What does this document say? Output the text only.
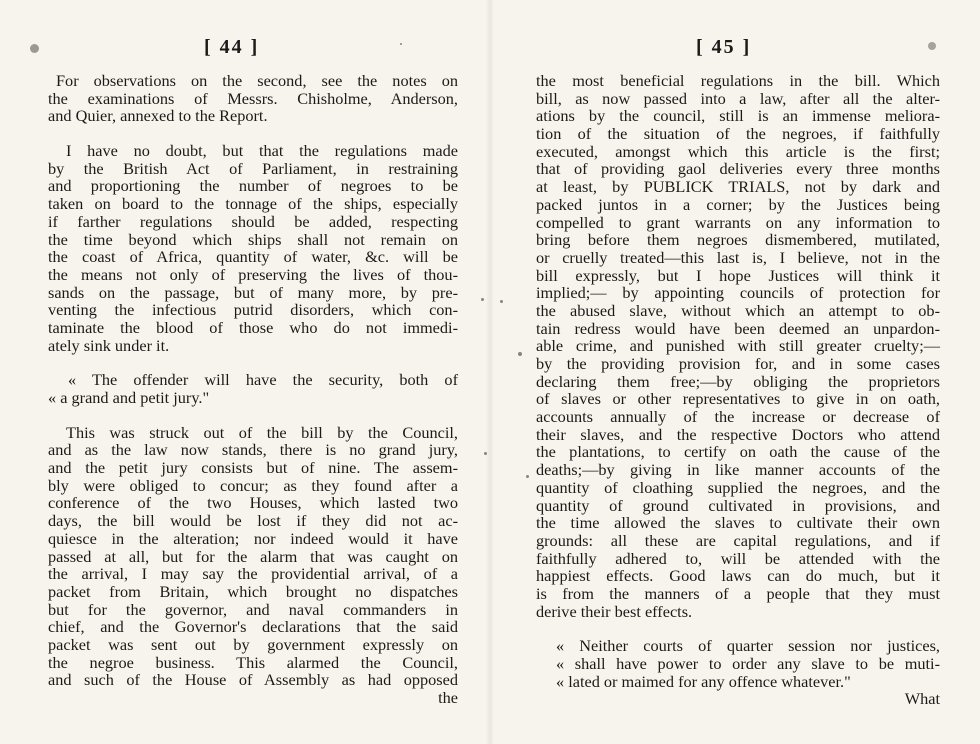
[ 44 ]
For observations on the second, see the notes on
the examinations of Messrs. Chisholme, Anderson,
and Quier, annexed to the Report.
I have no doubt, but that the regulations made
by the British Act of Parliament, in restraining
and proportioning the number of negroes to be
taken on board to the tonnage of the ships, especially
if farther regulations should be added, respecting
the time beyond which ships shall not remain on
the coast of Africa, quantity of water, &c. will be
the means not only of preserving the lives of thou-
sands on the passage, but of many more, by pre-
venting the infectious putrid disorders, which con-
taminate the blood of those who do not immedi-
ately sink under it.
« The offender will have the security, both of
« a grand and petit jury."
This was struck out of the bill by the Council,
and as the law now stands, there is no grand jury,
and the petit jury consists but of nine. The assem-
bly were obliged to concur; as they found after a
conference of the two Houses, which lasted two
days, the bill would be lost if they did not ac-
quiesce in the alteration; nor indeed would it have
passed at all, but for the alarm that was caught on
the arrival, I may say the providential arrival, of a
packet from Britain, which brought no dispatches
but for the governor, and naval commanders in
chief, and the Governor's declarations that the said
packet was sent out by government expressly on
the negroe business. This alarmed the Council,
and such of the House of Assembly as had opposed
the
[ 45 ]
the most beneficial regulations in the bill. Which
bill, as now passed into a law, after all the alter-
ations by the council, still is an immense meliora-
tion of the situation of the negroes, if faithfully
executed, amongst which this article is the first;
that of providing gaol deliveries every three months
at least, by PUBLICK TRIALS, not by dark and
packed juntos in a corner; by the Justices being
compelled to grant warrants on any information to
bring before them negroes dismembered, mutilated,
or cruelly treated—this last is, I believe, not in the
bill expressly, but I hope Justices will think it
implied;— by appointing councils of protection for
the abused slave, without which an attempt to ob-
tain redress would have been deemed an unpardon-
able crime, and punished with still greater cruelty;—
by the providing provision for, and in some cases
declaring them free;—by obliging the proprietors
of slaves or other representatives to give in on oath,
accounts annually of the increase or decrease of
their slaves, and the respective Doctors who attend
the plantations, to certify on oath the cause of the
deaths;—by giving in like manner accounts of the
quantity of cloathing supplied the negroes, and the
quantity of ground cultivated in provisions, and
the time allowed the slaves to cultivate their own
grounds: all these are capital regulations, and if
faithfully adhered to, will be attended with the
happiest effects. Good laws can do much, but it
is from the manners of a people that they must
derive their best effects.
« Neither courts of quarter session nor justices,
« shall have power to order any slave to be muti-
« lated or maimed for any offence whatever."
What
